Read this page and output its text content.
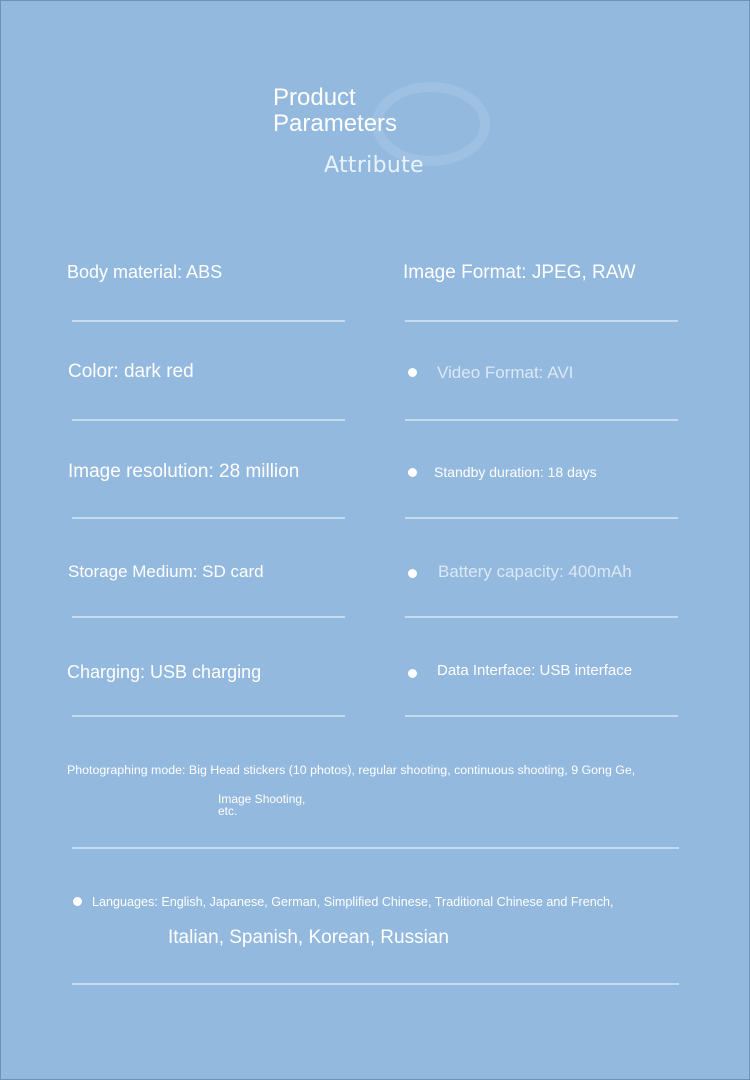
Product
Parameters
Attribute
Body material: ABS
Color: dark red
Image resolution: 28 million
Storage Medium: SD card
Charging: USB charging
Image Format: JPEG, RAW
Video Format: AVI
Standby duration: 18 days
Battery capacity: 400mAh
Data Interface: USB interface
Photographing mode: Big Head stickers (10 photos), regular shooting, continuous shooting, 9 Gong Ge,
Image Shooting,
etc.
Languages: English, Japanese, German, Simplified Chinese, Traditional Chinese and French,
Italian, Spanish, Korean, Russian
